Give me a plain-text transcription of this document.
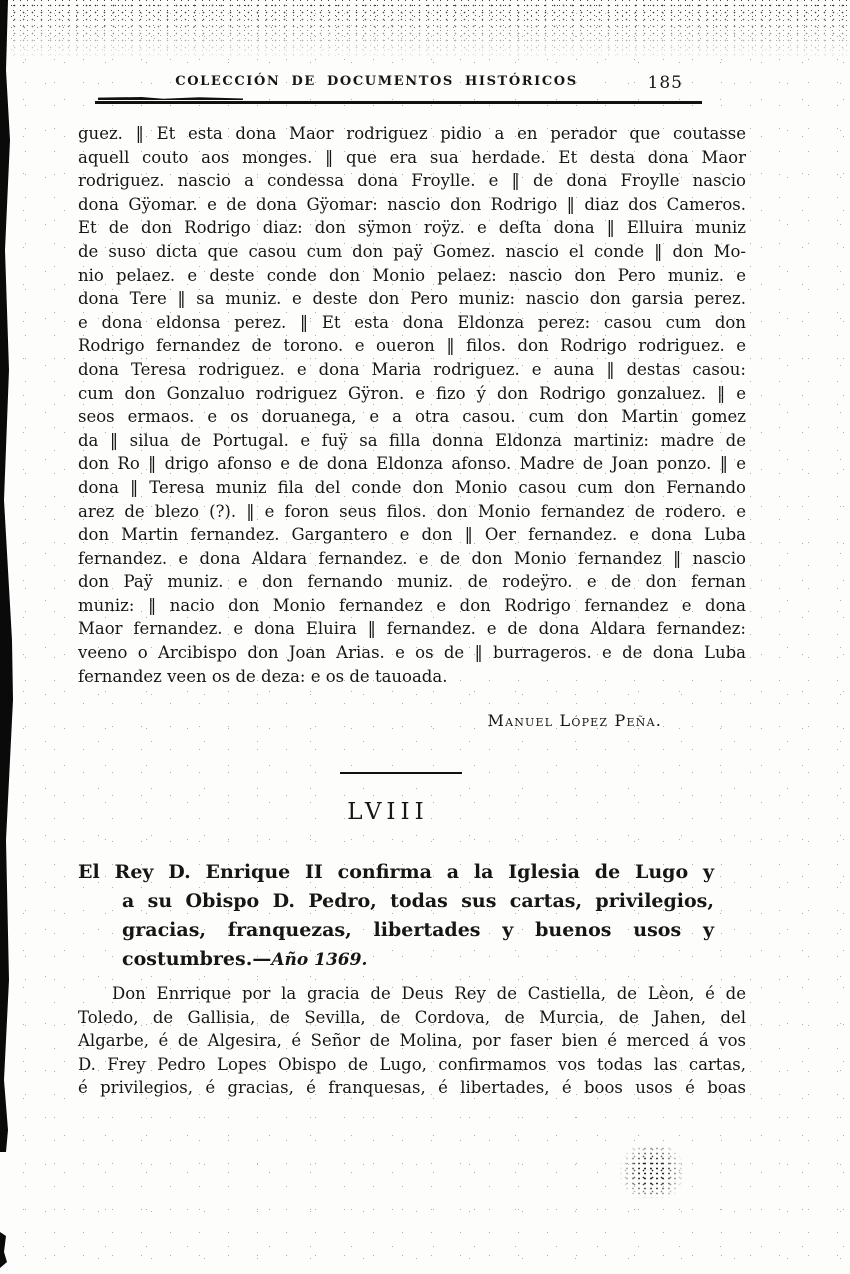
COLECCIÓN DE DOCUMENTOS HISTÓRICOS	185
guez. ‖ Et esta dona Maor rodriguez pidio a en perador que coutasse
aquell couto aos monges. ‖ que era sua herdade. Et desta dona Maor
rodriguez. nascio a condessa dona Froylle. e ‖ de dona Froylle nascio
dona Gÿomar. e de dona Gÿomar: nascio don Rodrigo ‖ diaz dos Cameros.
Et de don Rodrigo diaz: don sÿmon roÿz. e deſta dona ‖ Elluira muniz
de suso dicta que casou cum don paÿ Gomez. nascio el conde ‖ don Mo-
nio pelaez. e deste conde don Monio pelaez: nascio don Pero muniz. e
dona Tere ‖ sa muniz. e deste don Pero muniz: nascio don garsia perez.
e dona eldonsa perez. ‖ Et esta dona Eldonza perez: casou cum don
Rodrigo fernandez de torono. e oueron ‖ filos. don Rodrigo rodriguez. e
dona Teresa rodriguez. e dona Maria rodriguez. e auna ‖ destas casou:
cum don Gonzaluo rodriguez Gÿron. e fizo ý don Rodrigo gonzaluez. ‖ e
seos ermaos. e os doruanega, e a otra casou. cum don Martin gomez
da ‖ silua de Portugal. e fuÿ sa filla donna Eldonza martiniz: madre de
don Ro ‖ drigo afonso e de dona Eldonza afonso. Madre de Joan ponzo. ‖ e
dona ‖ Teresa muniz fila del conde don Monio casou cum don Fernando
arez de blezo (?). ‖ e foron seus filos. don Monio fernandez de rodero. e
don Martin fernandez. Gargantero e don ‖ Oer fernandez. e dona Luba
fernandez. e dona Aldara fernandez. e de don Monio fernandez ‖ nascio
don Paÿ muniz. e don fernando muniz. de rodeÿro. e de don fernan
muniz: ‖ nacio don Monio fernandez e don Rodrigo fernandez e dona
Maor fernandez. e dona Eluira ‖ fernandez. e de dona Aldara fernandez:
veeno o Arcibispo don Joan Arias. e os de ‖ burrageros. e de dona Luba
fernandez veen os de deza: e os de tauoada.
Manuel López Peña.
LVIII
El Rey D. Enrique II confirma a la Iglesia de Lugo y
a su Obispo D. Pedro, todas sus cartas, privilegios,
gracias, franquezas, libertades y buenos usos y
costumbres.—Año 1369.
Don Enrrique por la gracia de Deus Rey de Castiella, de Lèon, é de
Toledo, de Gallisia, de Sevilla, de Cordova, de Murcia, de Jahen, del
Algarbe, é de Algesira, é Señor de Molina, por faser bien é merced á vos
D. Frey Pedro Lopes Obispo de Lugo, confirmamos vos todas las cartas,
é privilegios, é gracias, é franquesas, é libertades, é boos usos é boas
